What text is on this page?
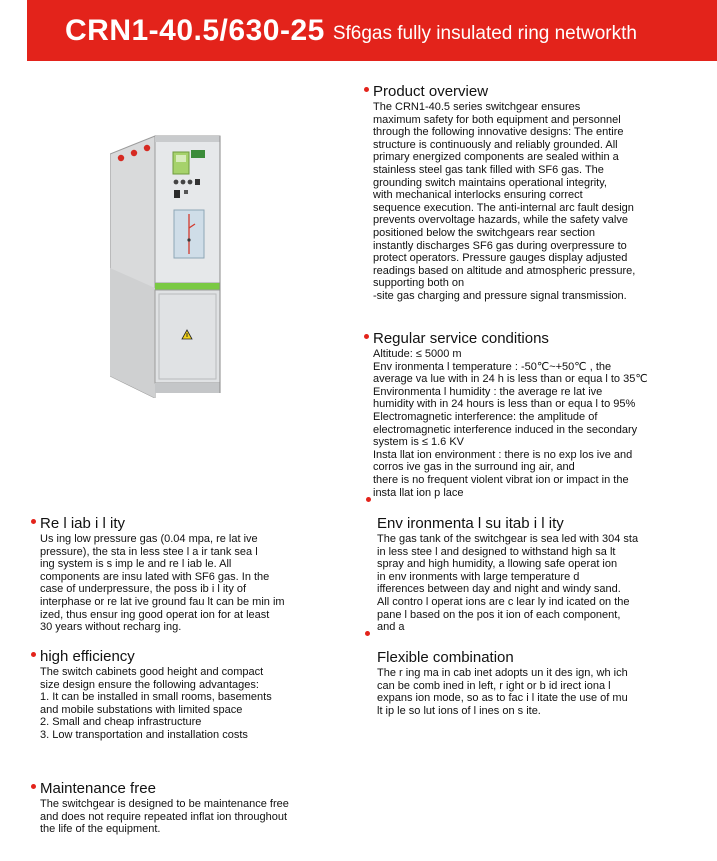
CRN1-40.5/630-25 Sf6gas fully insulated ring networkth
Product overview

The CRN1-40.5 series switchgear ensures

maximum safety for both equipment and personnel

through the following innovative designs: The entire

structure is continuously and reliably grounded. All

primary energized components are sealed within a

stainless steel gas tank filled with SF6 gas. The

grounding switch maintains operational integrity,

with mechanical interlocks ensuring correct

sequence execution. The anti-internal arc fault design

prevents overvoltage hazards, while the safety valve

positioned below the switchgears rear section

instantly discharges SF6 gas during overpressure to

protect operators. Pressure gauges display adjusted

readings based on altitude and atmospheric pressure,

supporting both on

-site gas charging and pressure signal transmission.

Regular service conditions

Altitude: ≤ 5000 m

Env ironmenta l temperature : -50℃~+50℃ , the

average va lue with in 24 h is less than or equa l to 35℃

Environmenta l humidity : the average re lat ive

humidity with in 24 hours is less than or equa l to 95%

Electromagnetic interference: the amplitude of

electromagnetic interference induced in the secondary

system is ≤ 1.6 KV

Insta llat ion environment : there is no exp los ive and

corros ive gas in the surround ing air, and

there is no frequent violent vibrat ion or impact in the

insta llat ion p lace

Re l iab i l ity

Us ing low pressure gas (0.04 mpa, re lat ive

pressure), the sta in less stee l a ir tank sea l

ing system is s imp le and re l iab le. All

components are insu lated with SF6 gas. In the

case of underpressure, the poss ib i l ity of

interphase or re lat ive ground fau lt can be min im

ized, thus ensur ing good operat ion for at least

30 years without recharg ing.

Env ironmenta l su itab i l ity

The gas tank of the switchgear is sea led with 304 sta

in less stee l and designed to withstand high sa lt

spray and high humidity, a llowing safe operat ion

in env ironments with large temperature d

ifferences between day and night and windy sand.

All contro l operat ions are c lear ly ind icated on the

pane l based on the pos it ion of each component,

and a

high efficiency

The switch cabinets good height and compact

size design ensure the following advantages:

1. It can be installed in small rooms, basements

and mobile substations with limited space

2. Small and cheap infrastructure

3. Low transportation and installation costs

Flexible combination

The r ing ma in cab inet adopts un it des ign, wh ich

can be comb ined in left, r ight or b id irect iona l

expans ion mode, so as to fac i l itate the use of mu

lt ip le so lut ions of l ines on s ite.

Maintenance free

The switchgear is designed to be maintenance free

and does not require repeated inflat ion throughout

the life of the equipment.
